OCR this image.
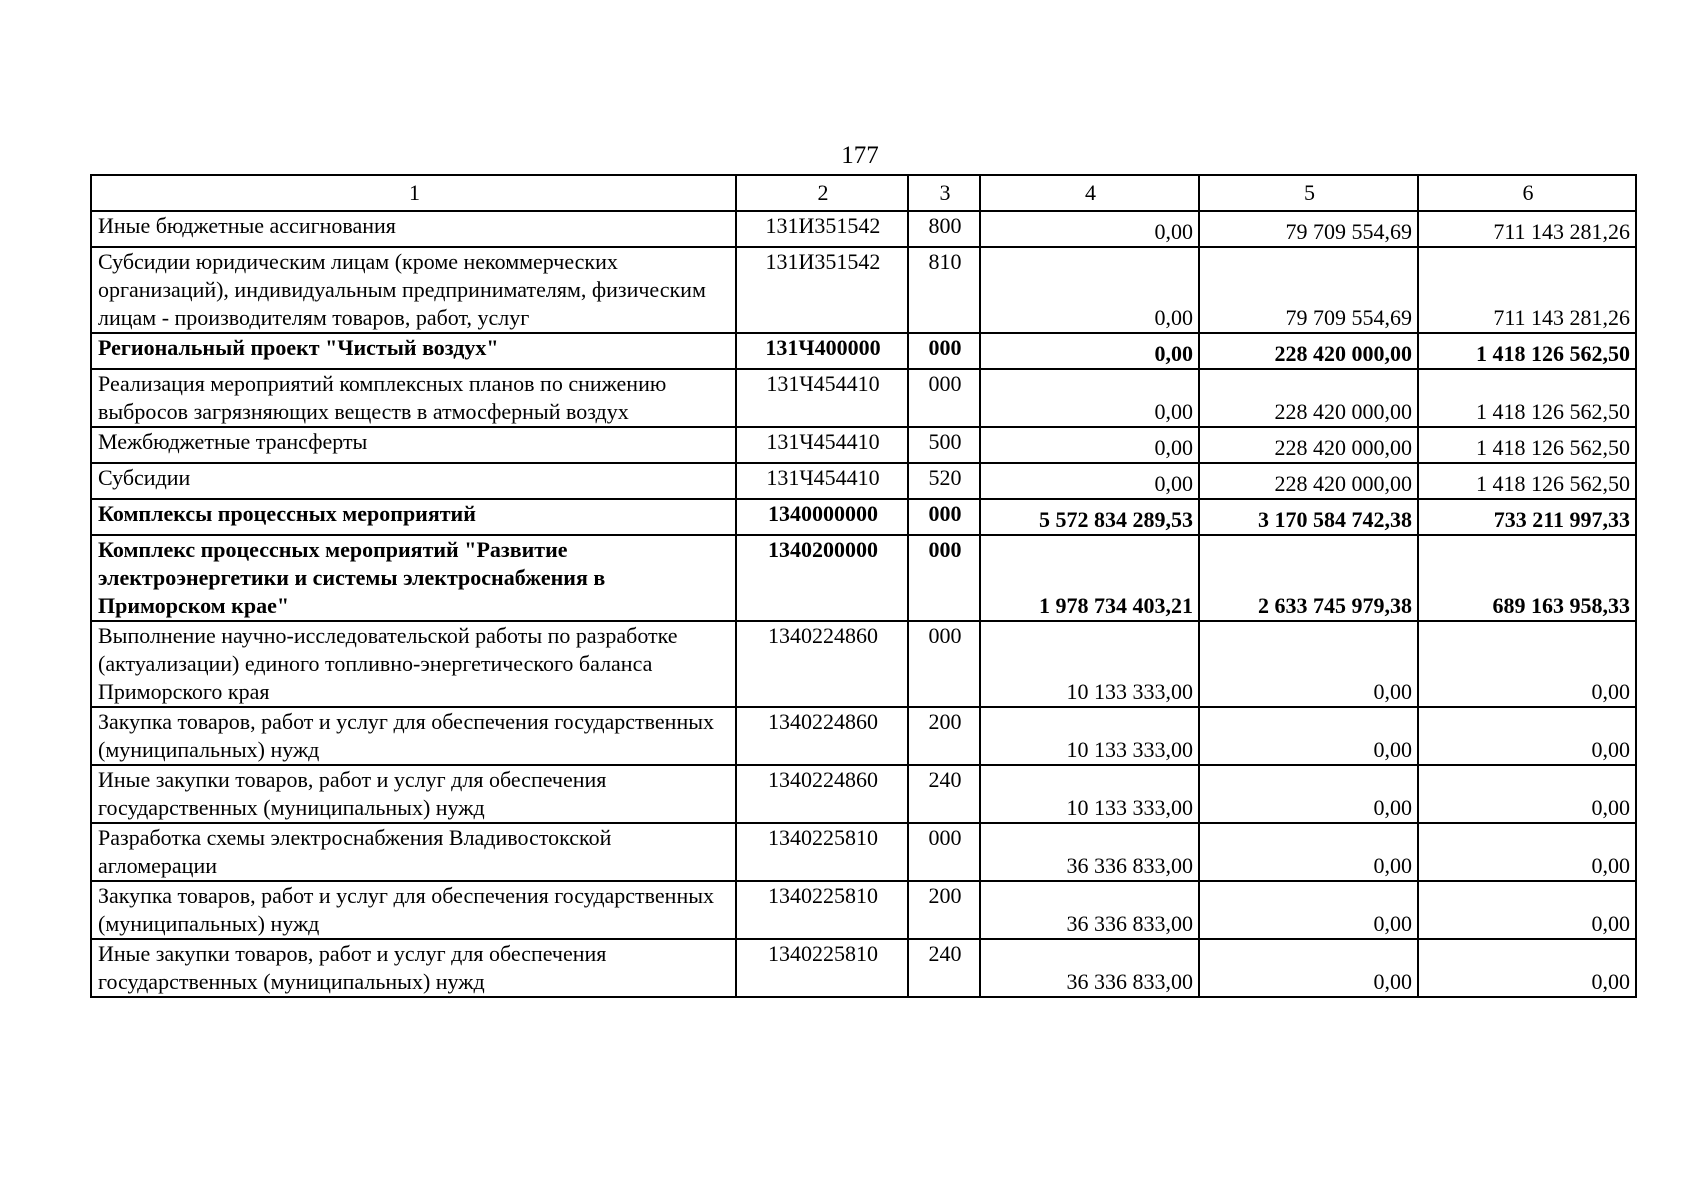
177
1	2	3	4	5	6
Иные бюджетные ассигнования	131И351542	800	0,00	79 709 554,69	711 143 281,26
Субсидии юридическим лицам (кроме некоммерческих организаций), индивидуальным предпринимателям, физическим лицам - производителям товаров, работ, услуг	131И351542	810	0,00	79 709 554,69	711 143 281,26
Региональный проект "Чистый воздух"	131Ч400000	000	0,00	228 420 000,00	1 418 126 562,50
Реализация мероприятий комплексных планов по снижению выбросов загрязняющих веществ в атмосферный воздух	131Ч454410	000	0,00	228 420 000,00	1 418 126 562,50
Межбюджетные трансферты	131Ч454410	500	0,00	228 420 000,00	1 418 126 562,50
Субсидии	131Ч454410	520	0,00	228 420 000,00	1 418 126 562,50
Комплексы процессных мероприятий	1340000000	000	5 572 834 289,53	3 170 584 742,38	733 211 997,33
Комплекс процессных мероприятий "Развитие электроэнергетики и системы электроснабжения в Приморском крае"	1340200000	000	1 978 734 403,21	2 633 745 979,38	689 163 958,33
Выполнение научно-исследовательской работы по разработке (актуализации) единого топливно-энергетического баланса Приморского края	1340224860	000	10 133 333,00	0,00	0,00
Закупка товаров, работ и услуг для обеспечения государственных (муниципальных) нужд	1340224860	200	10 133 333,00	0,00	0,00
Иные закупки товаров, работ и услуг для обеспечения государственных (муниципальных) нужд	1340224860	240	10 133 333,00	0,00	0,00
Разработка схемы электроснабжения Владивостокской агломерации	1340225810	000	36 336 833,00	0,00	0,00
Закупка товаров, работ и услуг для обеспечения государственных (муниципальных) нужд	1340225810	200	36 336 833,00	0,00	0,00
Иные закупки товаров, работ и услуг для обеспечения государственных (муниципальных) нужд	1340225810	240	36 336 833,00	0,00	0,00
